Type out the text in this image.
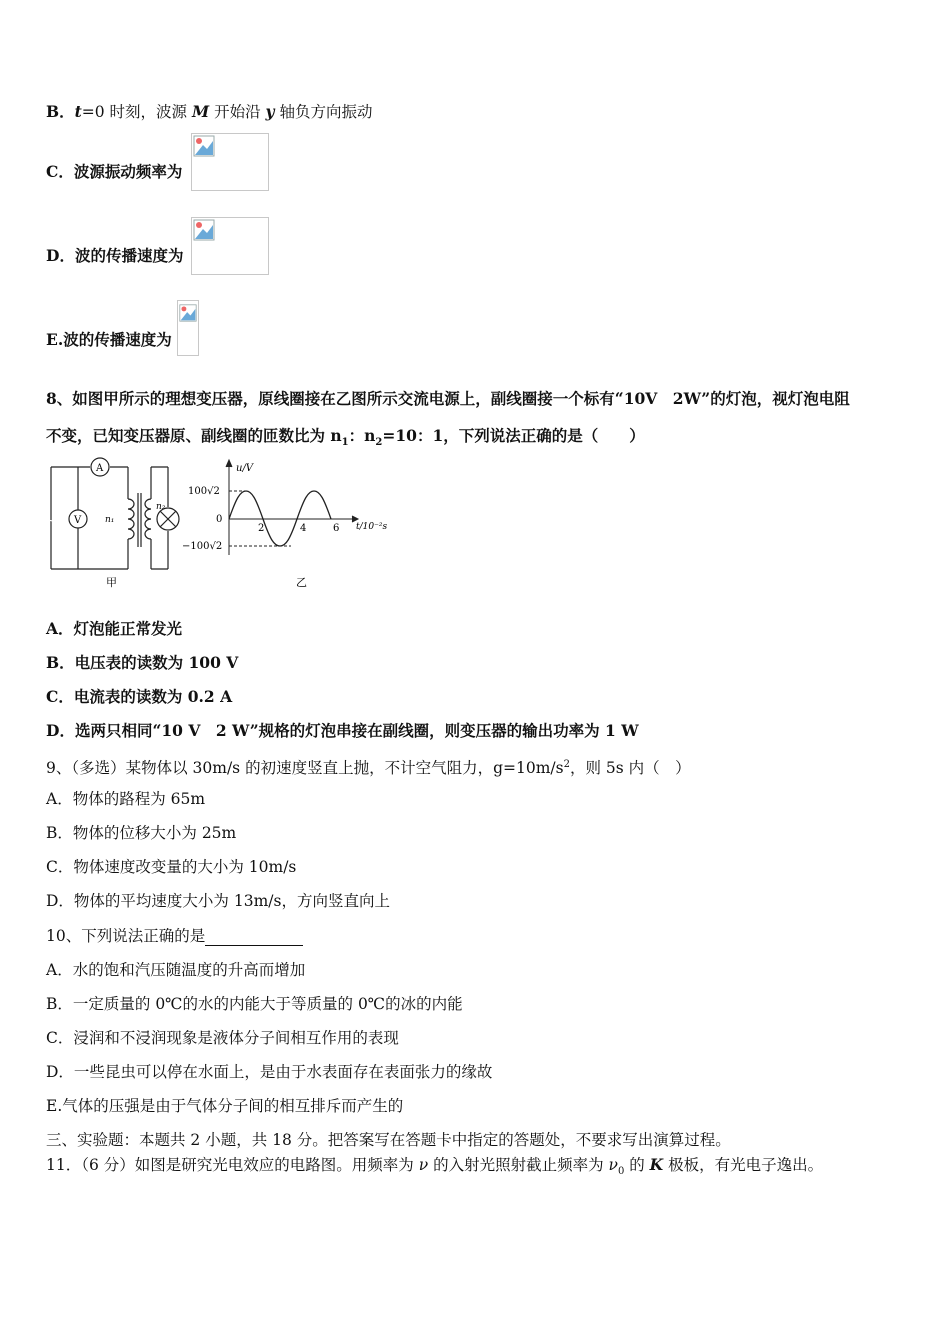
B．t=0 时刻，波源 M 开始沿 y 轴负方向振动
C．波源振动频率为
D．波的传播速度为
E.波的传播速度为
8、如图甲所示的理想变压器，原线圈接在乙图所示交流电源上，副线圈接一个标有“10V　2W”的灯泡，视灯泡电阻
不变，已知变压器原、副线圈的匝数比为 $n_1$：$n_2=10$：1，下列说法正确的是（　　）
A
V
~	n₁
n₂
甲
u/V
t/10⁻²s
100√2
0
−100√2
2	4	6
乙
A．灯泡能正常发光
B．电压表的读数为 100 V
C．电流表的读数为 0.2 A
D．选两只相同“10 V　2 W”规格的灯泡串接在副线圈，则变压器的输出功率为 1 W
9、（多选）某物体以 30m/s 的初速度竖直上抛，不计空气阻力，$g=10m/s^2$，则 5s 内（　）
A．物体的路程为 65m
B．物体的位移大小为 25m
C．物体速度改变量的大小为 10m/s
D．物体的平均速度大小为 13m/s，方向竖直向上
10、下列说法正确的是
A．水的饱和汽压随温度的升高而增加
B．一定质量的 0℃的水的内能大于等质量的 0℃的冰的内能
C．浸润和不浸润现象是液体分子间相互作用的表现
D．一些昆虫可以停在水面上，是由于水表面存在表面张力的缘故
E.气体的压强是由于气体分子间的相互排斥而产生的
三、实验题：本题共 2 小题，共 18 分。把答案写在答题卡中指定的答题处，不要求写出演算过程。
11．（6 分）如图是研究光电效应的电路图。用频率为 ν 的入射光照射截止频率为 $\nu_0$ 的 K 极板，有光电子逸出。
